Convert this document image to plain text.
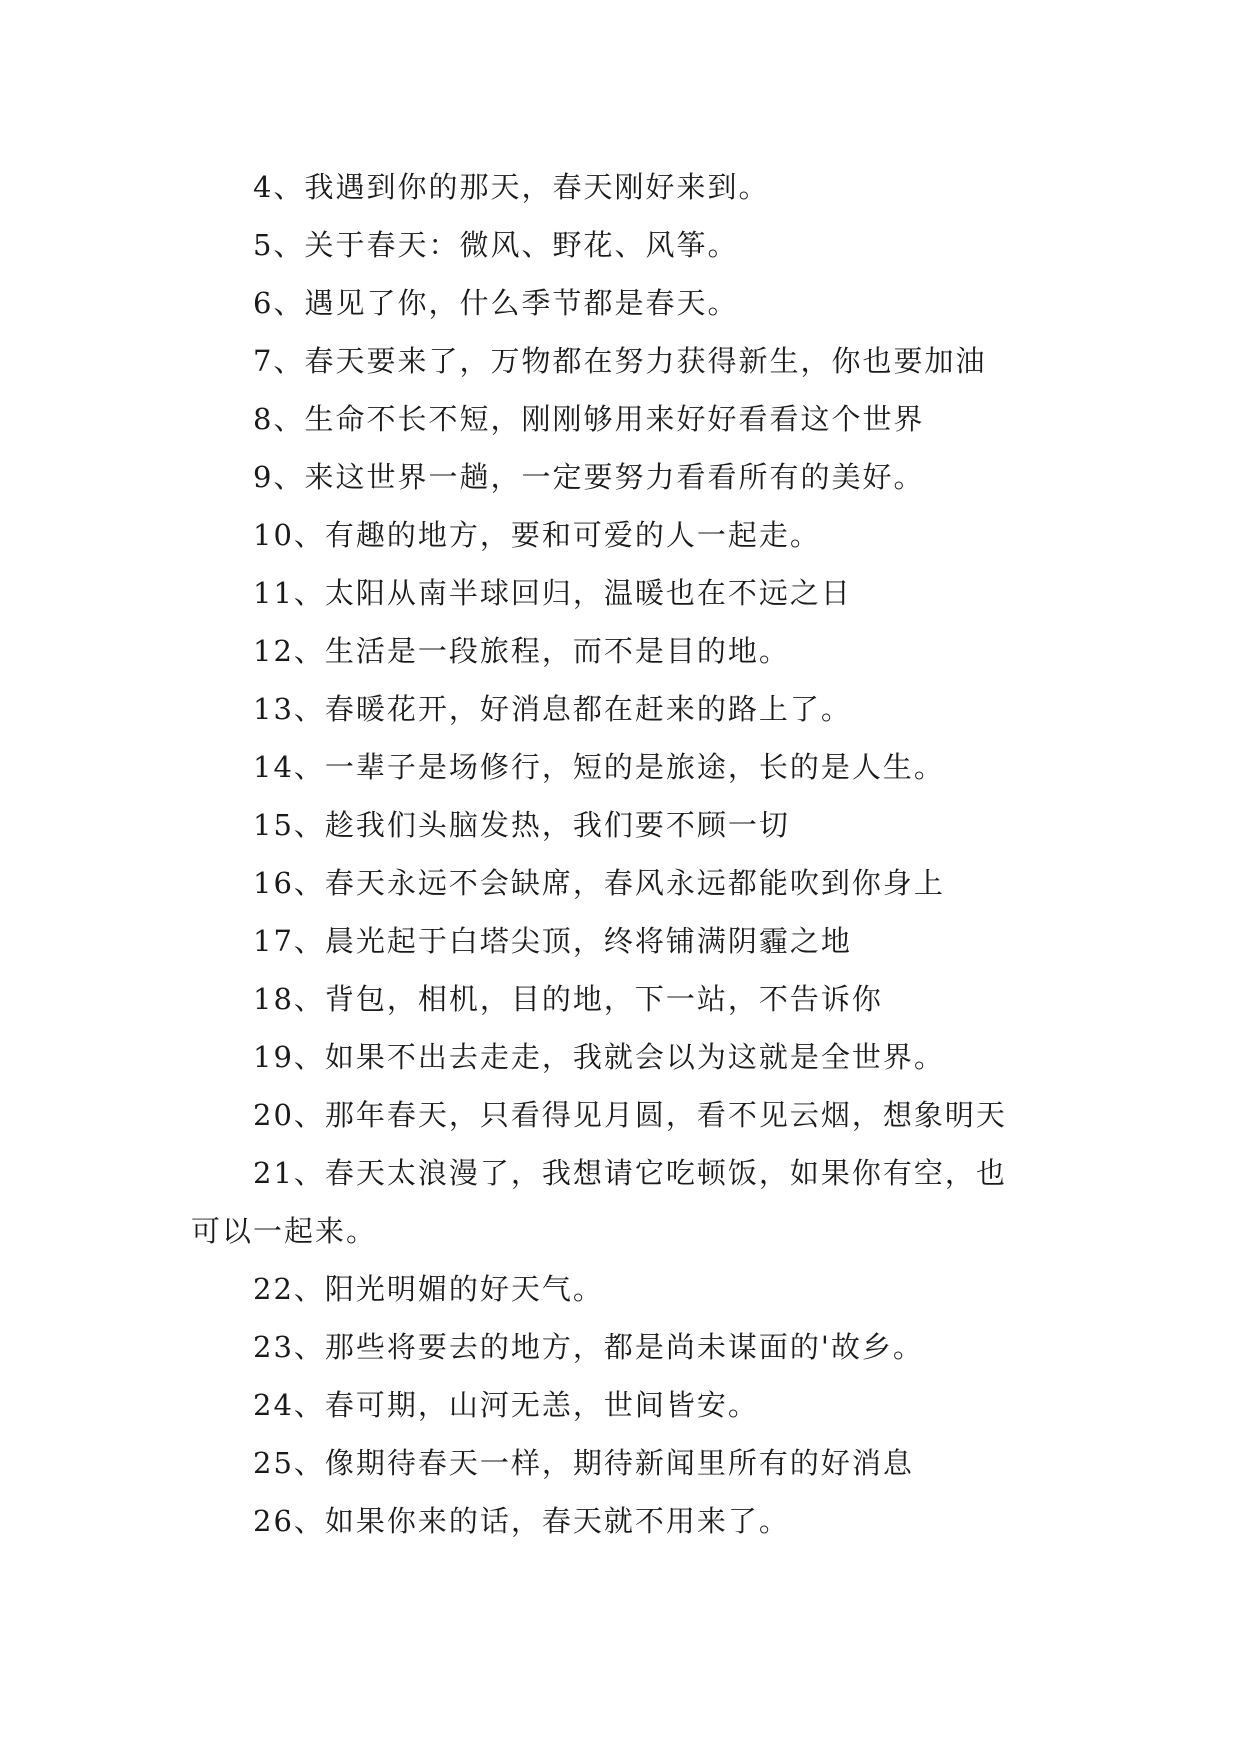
4、我遇到你的那天，春天刚好来到。
5、关于春天：微风、野花、风筝。
6、遇见了你，什么季节都是春天。
7、春天要来了，万物都在努力获得新生，你也要加油
8、生命不长不短，刚刚够用来好好看看这个世界
9、来这世界一趟，一定要努力看看所有的美好。
10、有趣的地方，要和可爱的人一起走。
11、太阳从南半球回归，温暖也在不远之日
12、生活是一段旅程，而不是目的地。
13、春暖花开，好消息都在赶来的路上了。
14、一辈子是场修行，短的是旅途，长的是人生。
15、趁我们头脑发热，我们要不顾一切
16、春天永远不会缺席，春风永远都能吹到你身上
17、晨光起于白塔尖顶，终将铺满阴霾之地
18、背包，相机，目的地，下一站，不告诉你
19、如果不出去走走，我就会以为这就是全世界。
20、那年春天，只看得见月圆，看不见云烟，想象明天
21、春天太浪漫了，我想请它吃顿饭，如果你有空，也
可以一起来。
22、阳光明媚的好天气。
23、那些将要去的地方，都是尚未谋面的'故乡。
24、春可期，山河无恙，世间皆安。
25、像期待春天一样，期待新闻里所有的好消息
26、如果你来的话，春天就不用来了。
